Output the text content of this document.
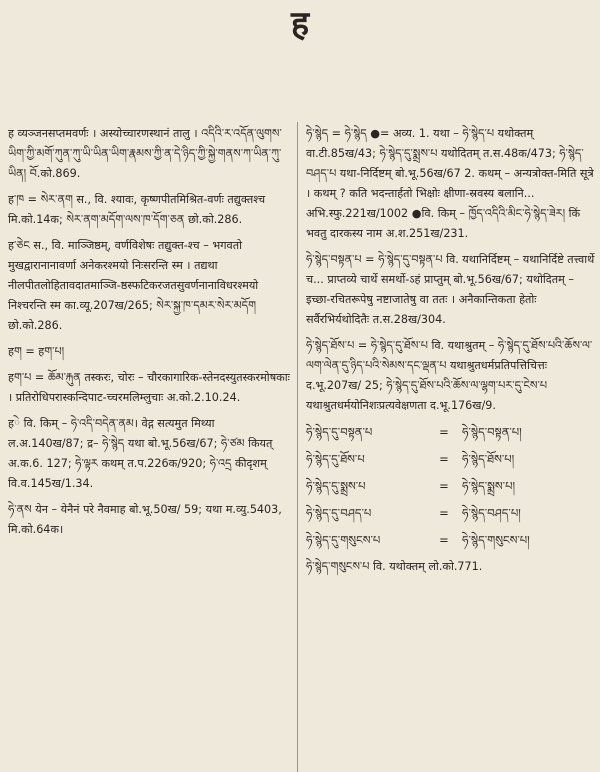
ह
ह व्यञ्जनसप्तमवर्णः । अस्योच्चारणस्थानं तालु । འདིའི་ར་འདོན་ལུགས་ཡིག་ཀྱི་མགོ་ཀུན་ཀུ་ཡི་ཡིན་ཡིག་རྣམས་ཀྱི་ན་དེ་ཉིད་ཀྱི་སྐྱེ་གནས་ཀ་ཡིན་ཀུ་ཡིན། བོ.को.869.
ह་ཁ = སེར་ནག स., वि. श्यावः, कृष्णपीतमिश्रित-वर्णः तद्युक्तश्च मि.को.14क; སེར་ནག་མདོག་ལས་ཁ་དོག་ཅན छो.को.286.
ह་ཅེང स., वि. माञ्जिष्ठम्, वर्णविशेषः तद्युक्त-श्च – भगवतो मुखद्वारानानावर्णा अनेकरश्मयो निःसरन्ति स्म । तद्यथा नीलपीतलोहितावदातमाञ्जि-ष्ठस्फटिकरजतसुवर्णनानाविधरश्मयो निश्चरन्ति स्म का.व्यू.207ख/265; སེར་སྐྱ་ཁ་དམར་སེར་མདོག छो.को.286.
हག = हག་པ།
हག་པ = ཆོམ་རྐུན तस्करः, चोरः – चौरकागारिक-स्तेनदस्युतस्करमोषकाः । प्रतिरोधिपरास्कन्दिपाट-च्चरमलिम्लुचाः अ.को.2.10.24.
हེ वि. किम् – ཧེ་འདི་བདེན་ནམ। वेद्ग सत्यमुत मिथ्या ल.अ.140ख/87; द्र– ཧེ་སྙེད यथा बो.भू.56ख/67; ཧེ་ཙམ कियत् अ.क.6. 127; ཧེ་ལྟར कथम् त.प.226क/920; ཧེ་འདྲ कीदृशम् वि.व.145ख/1.34.
ཧེ་ནས येन – येनैनं परे नैवमाह बो.भू.50ख/ 59; यथा म.व्यु.5403, मि.को.64क।
ཧེ་སྙེད = ཧེ་སྙེད ●= अव्य. 1. यथा – ཧེ་སྙེད་པ यथोक्तम् वा.टी.85ख/43; ཧེ་སྙེད་དུ་སྨྲས་པ यथोदितम् त.स.48क/473; ཧེ་སྙེད་བཤད་པ यथा-निर्दिष्टम् बो.भू.56ख/67 2. कथम् – अन्यत्रोक्त-मिति सूत्रे । कथम् ? कति भदन्तार्हतो भिक्षोः क्षीणा-स्रवस्य बलानि... अभि.स्फु.221ख/1002 ●वि. किम् – ཁྱོད་འདིའི་མིང་ཧེ་སྙེད་ཟེར། किं भवतु दारकस्य नाम अ.श.251ख/231.
ཧེ་སྙེད་བསྟན་པ = ཧེ་སྙེད་དུ་བསྟན་པ वि. यथानिर्दिष्टम् – यथानिर्दिष्टे तत्त्वार्थे च... प्राप्तव्ये चार्थे समर्थो-ऽहं प्राप्तुम् बो.भू.56ख/67; यथोदितम् – इच्छा-रचितरूपेषु नष्टाजातेषु वा ततः । अनैकान्तिकता हेतोः सर्वैरभिर्यथोदितैः त.स.28ख/304.
ཧེ་སྙེད་ཐོས་པ = ཧེ་སྙེད་དུ་ཐོས་པ वि. यथाश्रुतम् – ཧེ་སྙེད་དུ་ཐོས་པའི་ཆོས་ལ་ལག་ལེན་དུ་ཉིད་པའི་སེམས་དང་ལྡན་པ यथाश्रुतधर्मप्रतिपत्तिचित्तः द.भू.207ख/ 25; ཧེ་སྙེད་དུ་ཐོས་པའི་ཆོས་ལ་ལྷག་པར་དུ་ངེས་པ यथाश्रुतधर्मयोनिशःप्रत्यवेक्षणता द.भू.176ख/9.
ཧེ་སྙེད་དུ་བསྟན་པ	=	ཧེ་སྙེད་བསྟན་པ།
ཧེ་སྙེད་དུ་ཐོས་པ	=	ཧེ་སྙེད་ཐོས་པ།
ཧེ་སྙེད་དུ་སྨྲས་པ	=	ཧེ་སྙེད་སྨྲས་པ།
ཧེ་སྙེད་དུ་བཤད་པ	=	ཧེ་སྙེད་བཤད་པ།
ཧེ་སྙེད་དུ་གསུངས་པ	=	ཧེ་སྙེད་གསུངས་པ།
ཧེ་སྙེད་གསུངས་པ वि. यथोक्तम् लो.को.771.
